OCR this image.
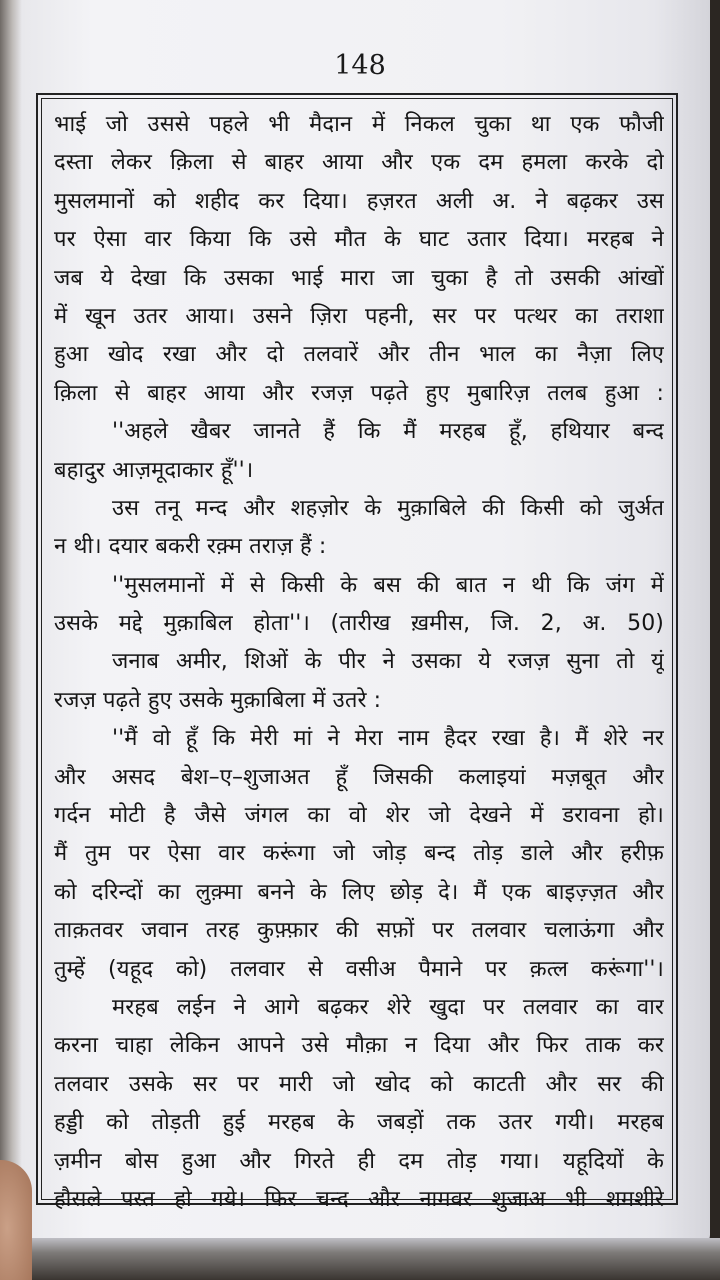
148
भाई जो उससे पहले भी मैदान में निकल चुका था एक फौजी
दस्ता लेकर क़िला से बाहर आया और एक दम हमला करके दो
मुसलमानों को शहीद कर दिया। हज़रत अली अ. ने बढ़कर उस
पर ऐसा वार किया कि उसे मौत के घाट उतार दिया। मरहब ने
जब ये देखा कि उसका भाई मारा जा चुका है तो उसकी आंखों
में खून उतर आया। उसने ज़िरा पहनी, सर पर पत्थर का तराशा
हुआ खोद रखा और दो तलवारें और तीन भाल का नैज़ा लिए
क़िला से बाहर आया और रजज़ पढ़ते हुए मुबारिज़ तलब हुआ :
''अहले खैबर जानते हैं कि मैं मरहब हूँ, हथियार बन्द
बहादुर आज़मूदाकार हूँ''।
उस तनू मन्द और शहज़ोर के मुक़ाबिले की किसी को जुर्अत
न थी। दयार बकरी रक़्म तराज़ हैं :
''मुसलमानों में से किसी के बस की बात न थी कि जंग में
उसके मद्दे मुक़ाबिल होता''। (तारीख ख़मीस, जि. 2, अ. 50)
जनाब अमीर, शिओं के पीर ने उसका ये रजज़ सुना तो यूं
रजज़ पढ़ते हुए उसके मुक़ाबिला में उतरे :
''मैं वो हूँ कि मेरी मां ने मेरा नाम हैदर रखा है। मैं शेरे नर
और असद बेश–ए–शुजाअत हूँ जिसकी कलाइयां मज़बूत और
गर्दन मोटी है जैसे जंगल का वो शेर जो देखने में डरावना हो।
मैं तुम पर ऐसा वार करूंगा जो जोड़ बन्द तोड़ डाले और हरीफ़
को दरिन्दों का लुक़्मा बनने के लिए छोड़ दे। मैं एक बाइज़्ज़त और
ताक़तवर जवान तरह कुफ़्फ़ार की सफ़ों पर तलवार चलाऊंगा और
तुम्हें (यहूद को) तलवार से वसीअ पैमाने पर क़त्ल करूंगा''।
मरहब लईन ने आगे बढ़कर शेरे खुदा पर तलवार का वार
करना चाहा लेकिन आपने उसे मौक़ा न दिया और फिर ताक कर
तलवार उसके सर पर मारी जो खोद को काटती और सर की
हड्डी को तोड़ती हुई मरहब के जबड़ों तक उतर गयी। मरहब
ज़मीन बोस हुआ और गिरते ही दम तोड़ गया। यहूदियों के
हौसले पस्त हो गये। फिर चन्द और नामवर शुजाअ भी शमशीरे
